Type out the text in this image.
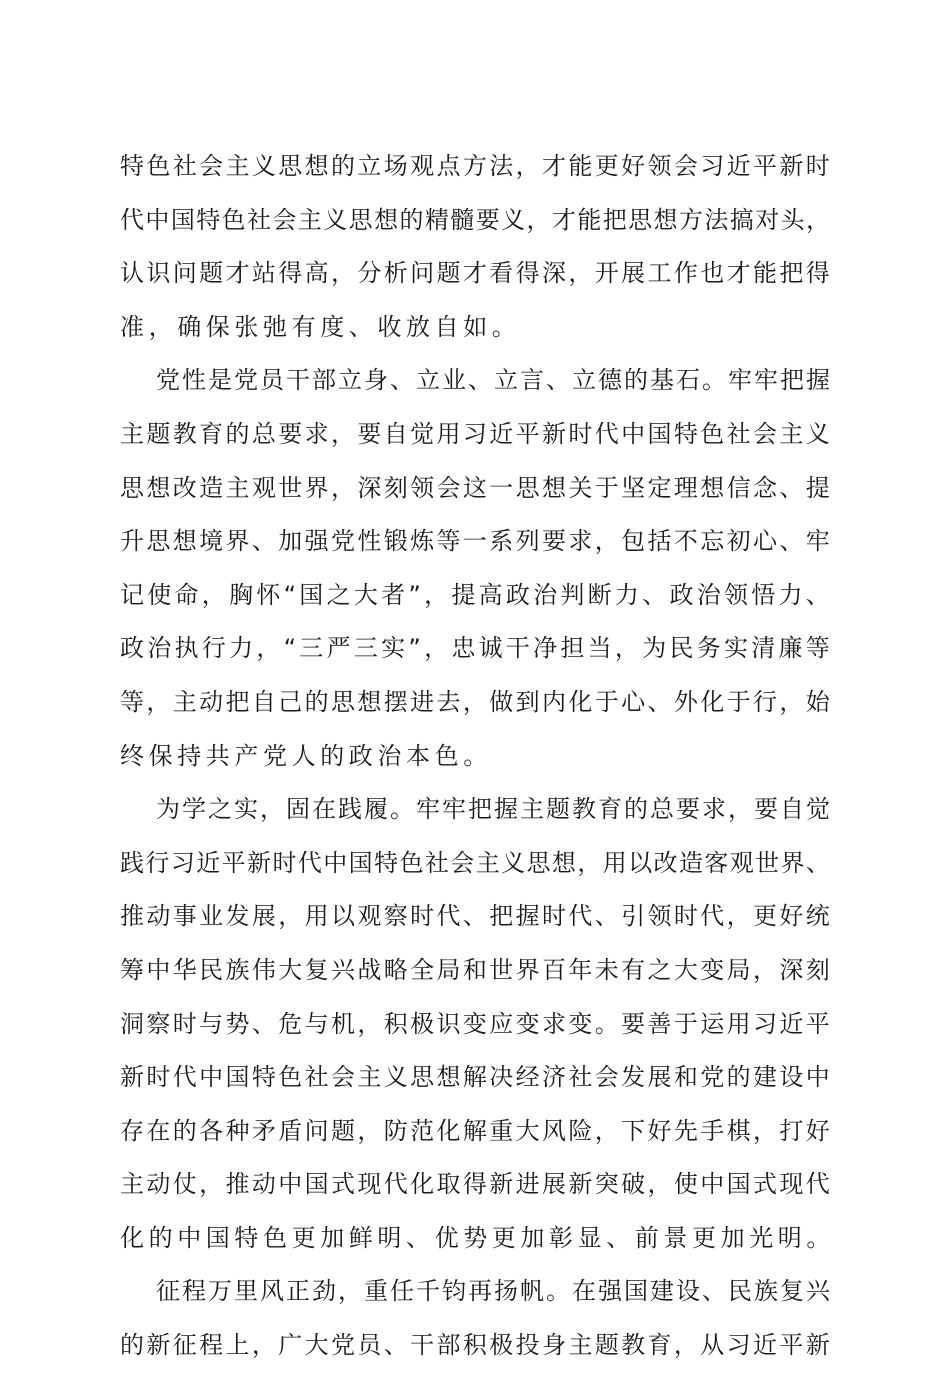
特 色 社 会 主 义 思 想 的 立 场 观 点 方 法 ， 才 能 更 好 领 会 习 近 平 新 时
代 中 国 特 色 社 会 主 义 思 想 的 精 髓 要 义 ， 才 能 把 思 想 方 法 搞 对 头 ，
认 识 问 题 才 站 得 高 ， 分 析 问 题 才 看 得 深 ， 开 展 工 作 也 才 能 把 得
准，确保张弛有度、收放自如。
党 性 是 党 员 干 部 立 身 、 立 业 、 立 言 、 立 德 的 基 石 。 牢 牢 把 握
主 题 教 育 的 总 要 求 ， 要 自 觉 用 习 近 平 新 时 代 中 国 特 色 社 会 主 义
思 想 改 造 主 观 世 界 ， 深 刻 领 会 这 一 思 想 关 于 坚 定 理 想 信 念 、 提
升 思 想 境 界 、 加 强 党 性 锻 炼 等 一 系 列 要 求 ， 包 括 不 忘 初 心 、 牢
记 使 命 ， 胸 怀 “ 国 之 大 者 ” ， 提 高 政 治 判 断 力 、 政 治 领 悟 力 、
政 治 执 行 力 ， “ 三 严 三 实 ” ， 忠 诚 干 净 担 当 ， 为 民 务 实 清 廉 等
等 ， 主 动 把 自 己 的 思 想 摆 进 去 ， 做 到 内 化 于 心 、 外 化 于 行 ， 始
终保持共产党人的政治本色。
为 学 之 实 ， 固 在 践 履 。 牢 牢 把 握 主 题 教 育 的 总 要 求 ， 要 自 觉
践 行 习 近 平 新 时 代 中 国 特 色 社 会 主 义 思 想 ， 用 以 改 造 客 观 世 界 、
推 动 事 业 发 展 ， 用 以 观 察 时 代 、 把 握 时 代 、 引 领 时 代 ， 更 好 统
筹 中 华 民 族 伟 大 复 兴 战 略 全 局 和 世 界 百 年 未 有 之 大 变 局 ， 深 刻
洞 察 时 与 势 、 危 与 机 ， 积 极 识 变 应 变 求 变 。 要 善 于 运 用 习 近 平
新 时 代 中 国 特 色 社 会 主 义 思 想 解 决 经 济 社 会 发 展 和 党 的 建 设 中
存 在 的 各 种 矛 盾 问 题 ， 防 范 化 解 重 大 风 险 ， 下 好 先 手 棋 ， 打 好
主 动 仗 ， 推 动 中 国 式 现 代 化 取 得 新 进 展 新 突 破 ， 使 中 国 式 现 代
化的中国特色更加鲜明、优势更加彰显、前景更加光明。
征 程 万 里 风 正 劲 ， 重 任 千 钧 再 扬 帆 。 在 强 国 建 设 、 民 族 复 兴
的 新 征 程 上 ， 广 大 党 员 、 干 部 积 极 投 身 主 题 教 育 ， 从 习 近 平 新
